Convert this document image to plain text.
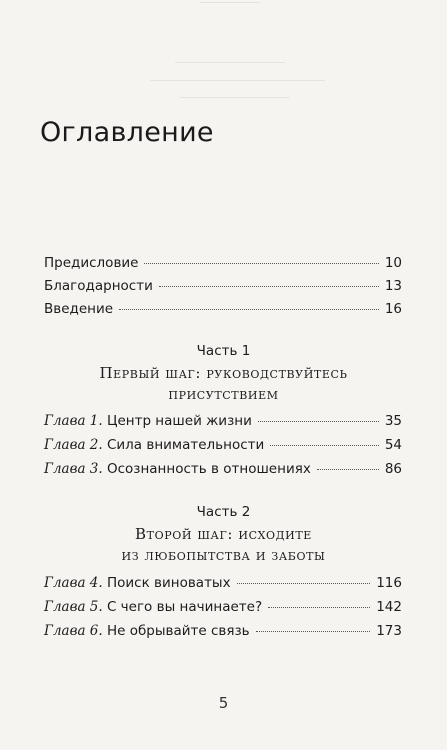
Оглавление
Предисловие	10
Благодарности	13
Введение	16
Часть 1
Первый шаг: руководствуйтесь
присутствием
Глава 1. Центр нашей жизни	35
Глава 2. Сила внимательности	54
Глава 3. Осознанность в отношениях	86
Часть 2
Второй шаг: исходите
из любопытства и заботы
Глава 4. Поиск виноватых	116
Глава 5. С чего вы начинаете?	142
Глава 6. Не обрывайте связь	173
5
